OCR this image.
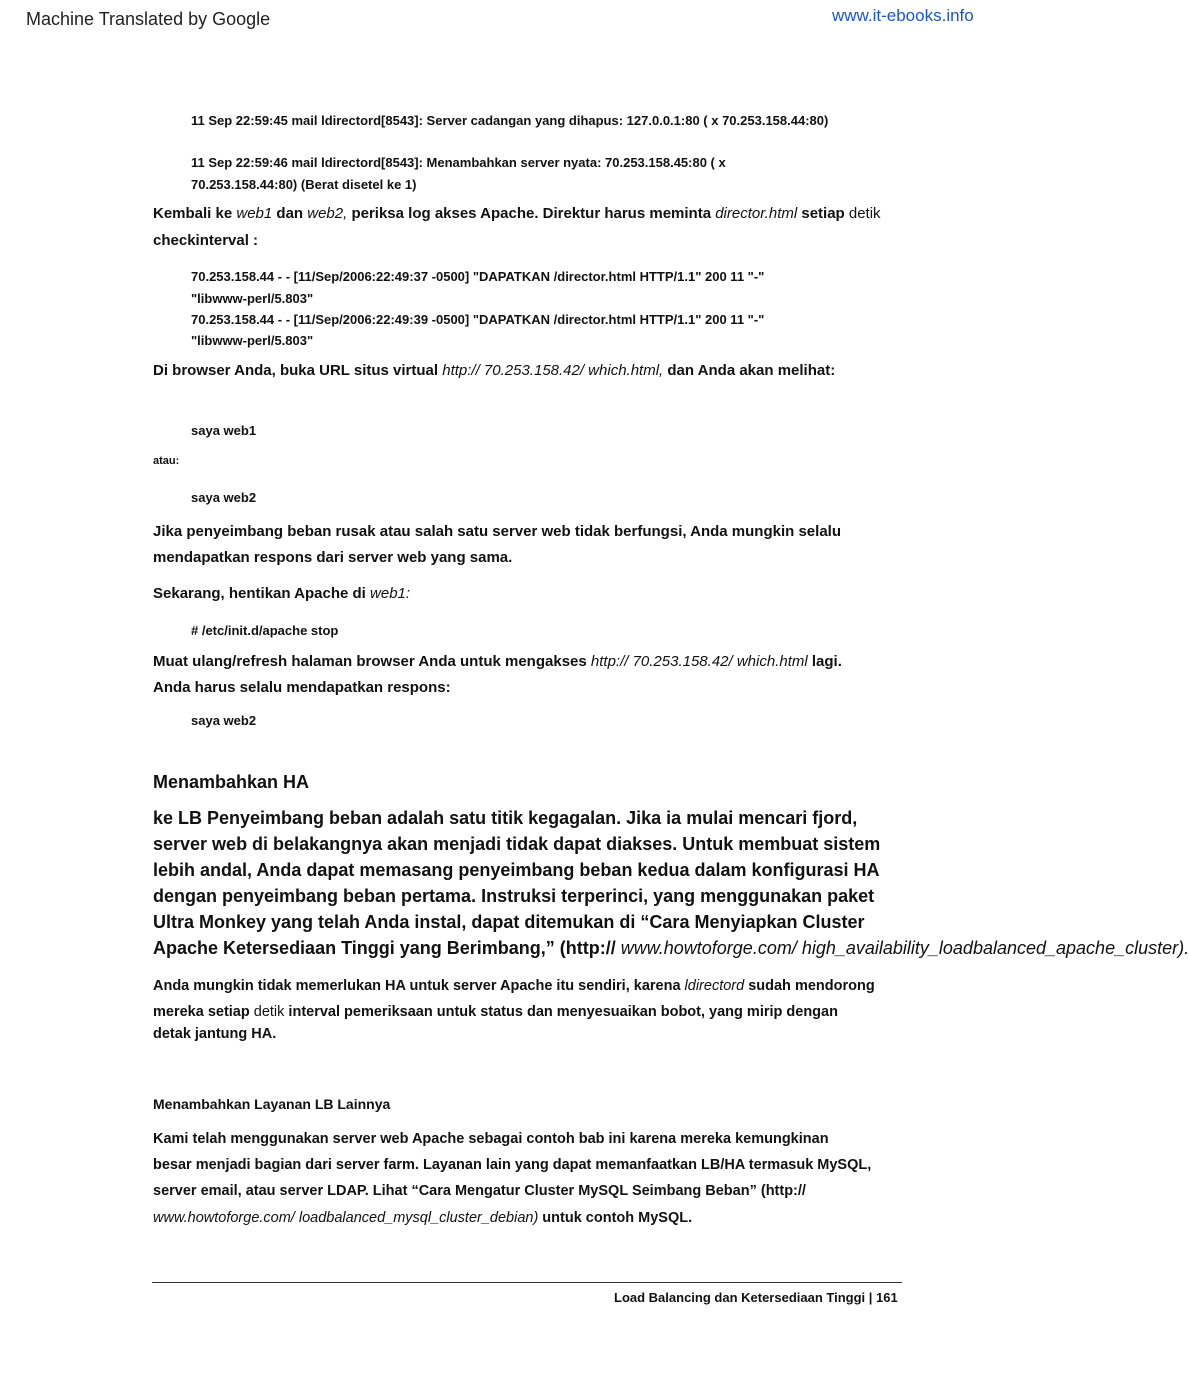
Machine Translated by Google	www.it-ebooks.info
11 Sep 22:59:45 mail ldirectord[8543]: Server cadangan yang dihapus: 127.0.0.1:80 ( x 70.253.158.44:80)
11 Sep 22:59:46 mail ldirectord[8543]: Menambahkan server nyata: 70.253.158.45:80 ( x
70.253.158.44:80) (Berat disetel ke 1)
Kembali ke web1 dan web2, periksa log akses Apache. Direktur harus meminta director.html setiap detik
checkinterval :
70.253.158.44 - - [11/Sep/2006:22:49:37 -0500] "DAPATKAN /director.html HTTP/1.1" 200 11 "-"
"libwww-perl/5.803"
70.253.158.44 - - [11/Sep/2006:22:49:39 -0500] "DAPATKAN /director.html HTTP/1.1" 200 11 "-"
"libwww-perl/5.803"
Di browser Anda, buka URL situs virtual http:// 70.253.158.42/ which.html, dan Anda akan melihat:
saya web1
atau:
saya web2
Jika penyeimbang beban rusak atau salah satu server web tidak berfungsi, Anda mungkin selalu
mendapatkan respons dari server web yang sama.
Sekarang, hentikan Apache di web1:
# /etc/init.d/apache stop
Muat ulang/refresh halaman browser Anda untuk mengakses http:// 70.253.158.42/ which.html lagi.
Anda harus selalu mendapatkan respons:
saya web2
Menambahkan HA
ke LB Penyeimbang beban adalah satu titik kegagalan. Jika ia mulai mencari fjord,
server web di belakangnya akan menjadi tidak dapat diakses. Untuk membuat sistem
lebih andal, Anda dapat memasang penyeimbang beban kedua dalam konfigurasi HA
dengan penyeimbang beban pertama. Instruksi terperinci, yang menggunakan paket
Ultra Monkey yang telah Anda instal, dapat ditemukan di “Cara Menyiapkan Cluster
Apache Ketersediaan Tinggi yang Berimbang,” (http:// www.howtoforge.com/ high_availability_loadbalanced_apache_cluster).
Anda mungkin tidak memerlukan HA untuk server Apache itu sendiri, karena ldirectord sudah mendorong
mereka setiap detik interval pemeriksaan untuk status dan menyesuaikan bobot, yang mirip dengan
detak jantung HA.
Menambahkan Layanan LB Lainnya
Kami telah menggunakan server web Apache sebagai contoh bab ini karena mereka kemungkinan
besar menjadi bagian dari server farm. Layanan lain yang dapat memanfaatkan LB/HA termasuk MySQL,
server email, atau server LDAP. Lihat “Cara Mengatur Cluster MySQL Seimbang Beban” (http://
www.howtoforge.com/ loadbalanced_mysql_cluster_debian) untuk contoh MySQL.
Load Balancing dan Ketersediaan Tinggi | 161
